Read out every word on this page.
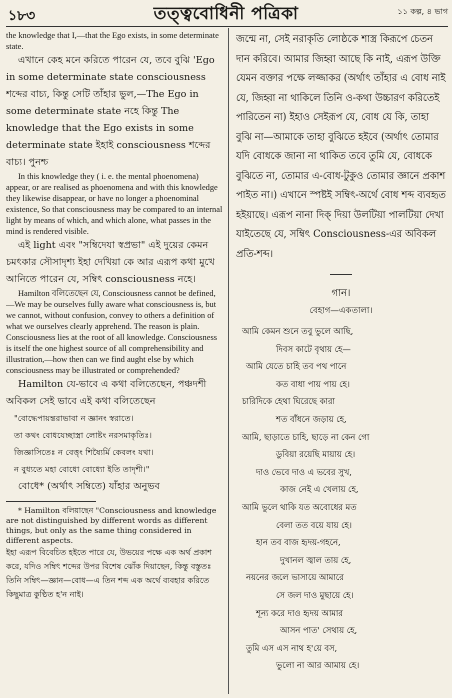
১৮৩	তত্ত্ববোধিনী পত্রিকা	১১ কল্প, ৪ ভাগ

the knowledge that I,—that the Ego exists, in some determinate state.

এখানে কেহ মনে করিতে পারেন যে, তবে বুঝি 'Ego in some determinate state consciousness শব্দের বাচ্য, কিন্তু সেটি তাঁহার ভুল,—The Ego in some determinate state নহে কিন্তু The knowledge that the Ego exists in some determinate state ইহাই consciousness শব্দের বাচ্য। পুনশ্চ

In this knowledge they ( i. e. the mental phoenomena) appear, or are realised as phoenomena and with this knowledge they likewise disappear, or have no longer a phoenominal existence, So that consciousness may be compared to an internal light by means of which, and which alone, what passes in the mind is rendered visible.

এই light এবং "সম্বিদেযা স্বপ্রভা" এই দুয়ের কেমন চমৎকার সৌসাদৃশ্য ইহা দেখিয়া কে আর এরূপ কথা মুখে আনিতে পারেন যে, সম্বিৎ consciousness নহে।

Hamilton বলিতেছেন যে, Consciousness cannot be defined,—We may be ourselves fully aware what consciousness is, but we cannot, without confusion, convey to others a definition of what we ourselves clearly apprehend. The reason is plain. Consciousness lies at the root of all knowledge. Consciousness is itself the one highest source of all comprehensibility and illustration,—how then can we find aught else by which consciousness may be illustrated or comprehended?

Hamilton যে-ভাবে এ কথা বলিতেছেন, পঞ্চদশী অবিকল সেই ভাবে এই কথা বলিতেছেন

"বোদ্ধেপায়ন্তরাভাবা ন জ্ঞানং স্বরাতে।
তা কথং বোধযেচ্ছাস্ত্রা লোষ্টং নরসমাকৃতিঃ।
জিজ্ঞাসিতেঃ ন বেত্তৃং শিষ্যৈর্মি কেবলং যথা।
ন বুধ্যতে মহা বোধো বোধ্যো ইতি তাদৃশী।"

বোধে* (অর্থাৎ সম্বিতে) যাঁহার অনুভব

* Hamilton বলিয়াছেন "Consciousness and knowledge are not distinguished by different words as different things, but only as the same thing considered in different aspects.

ইহা এরূপ বিবেচিত হইতে পারে যে, উভয়ের পক্ষে এক অর্থ প্রকাশ করে, যদিও সম্বিৎ শব্দের উপর বিশেষ ঝোঁক দিয়াছেন, কিন্তু বস্তুতঃ তিনি সম্বিৎ—জ্ঞান—বোধ—এ তিন শব্দ এক অর্থে ব্যবহার করিতে কিছুমাত্র কুণ্ঠিত হ'ন নাই।

জন্মে না, সেই নরাকৃতি লোষ্ঠকে শাস্ত্র কিরূপে চেতন দান করিবে। আমার জিহ্বা আছে কি নাই, এরূপ উক্তি যেমন বক্তার পক্ষে লজ্জাকর (অর্থাৎ তাঁহার এ বোধ নাই যে, জিহ্বা না থাকিলে তিনি ও-কথা উচ্চারণ করিতেই পারিতেন না) ইহাও সেইরূপ যে, বোধ যে কি, তাহা বুঝি না—আমাকে তাহা বুঝিতে হইবে (অর্থাৎ তোমার যদি বোধকে জানা না থাকিত তবে তুমি যে, বোধকে বুঝিতে না, তোমার এ-বোধ-টুকুও তোমার জ্ঞানে প্রকাশ পাইত না।) এখানে স্পষ্টই সম্বিৎ-অর্থে বোধ শব্দ ব্যবহৃত হইয়াছে। এরূপ নানা দিক্ দিয়া উলটিয়া পালটিয়া দেখা যাইতেছে যে, সম্বিৎ Consciousness-এর অবিকল প্রতি-শব্দ।

গান।
বেহাগ—একতালা।
আমি কেমন শুনে তবু ভুলে আছি,
দিবস কাটে বৃথায় হে—
আমি যেতে চাহি তব পথ পানে
কত বাধা পায় পায় হে।
চারিদিকে হেথা ঘিরেছে কারা
শত বাঁধনে জড়ায় হে,
আমি, ছাড়াতে চাহি, ছাড়ে না কেন গো
ডুবিয়া রয়েছি মায়ায় হে।
দাও ভেবে দাও এ ভবের সুখ,
কাজ নেই এ খেলায় হে,
আমি ভুলে থাকি যত অবোধের মত
বেলা তত বয়ে যায় হে।
হান তব বাজ হৃদয়-গহনে,
দুখানল জ্বাল তায় হে,
নয়নের জলে ভাসায়ে আমারে
সে জল দাও মুছায়ে হে।
শূন্য করে দাও হৃদয় আমার
আসন পাত' সেথায় হে,
তুমি এস এস নাথ হ'য়ে বস,
ভুলো না আর আমায় হে।
